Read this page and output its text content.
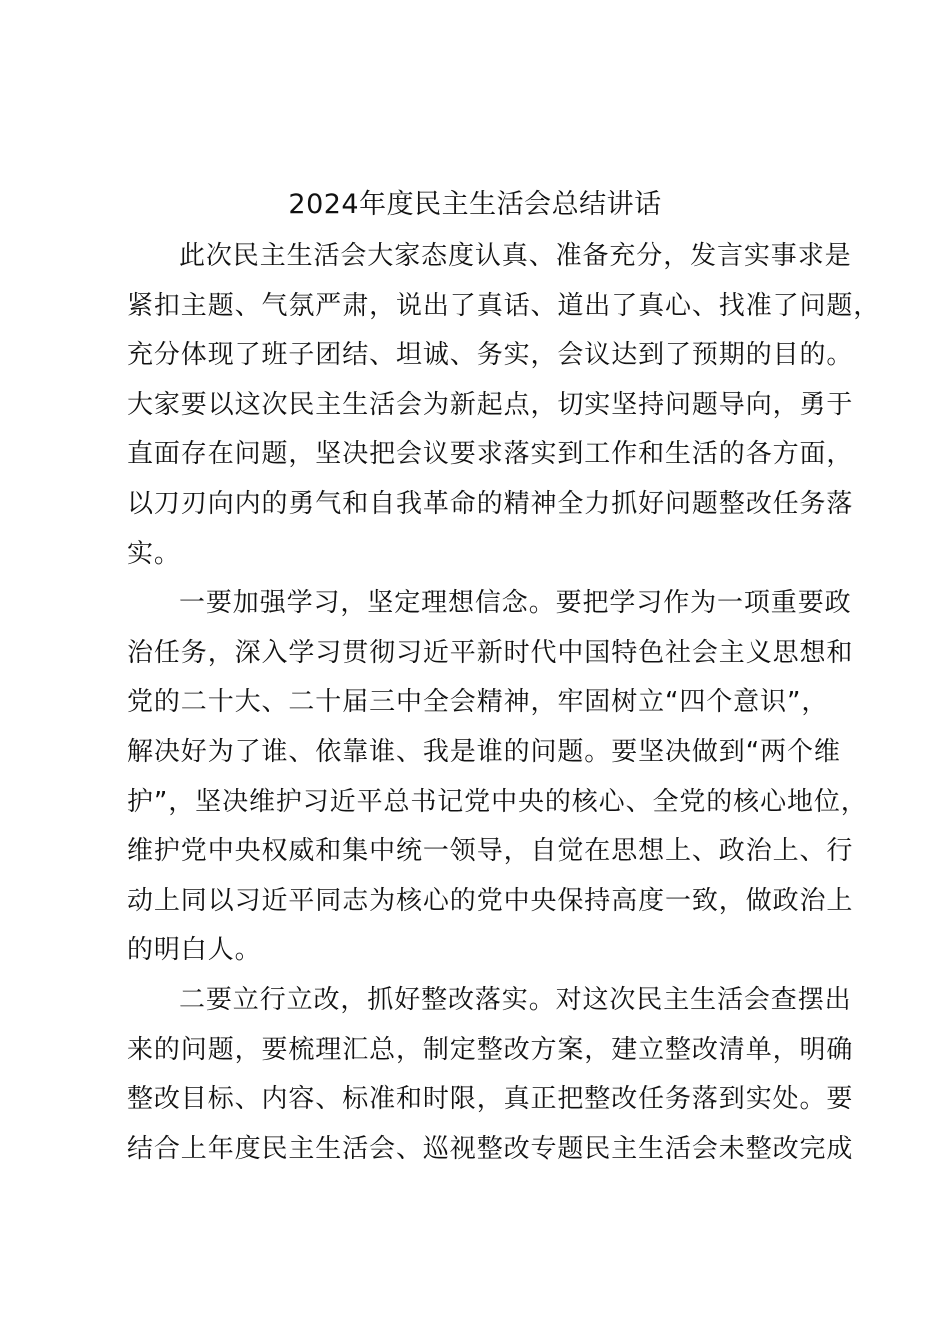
2024年度民主生活会总结讲话
此次民主生活会大家态度认真、准备充分，发言实事求是
紧扣主题、气氛严肃，说出了真话、道出了真心、找准了问题，
充分体现了班子团结、坦诚、务实，会议达到了预期的目的。
大家要以这次民主生活会为新起点，切实坚持问题导向，勇于
直面存在问题，坚决把会议要求落实到工作和生活的各方面，
以刀刃向内的勇气和自我革命的精神全力抓好问题整改任务落
实。
一要加强学习，坚定理想信念。要把学习作为一项重要政
治任务，深入学习贯彻习近平新时代中国特色社会主义思想和
党的二十大、二十届三中全会精神，牢固树立“四个意识”，
解决好为了谁、依靠谁、我是谁的问题。要坚决做到“两个维
护”，坚决维护习近平总书记党中央的核心、全党的核心地位，
维护党中央权威和集中统一领导，自觉在思想上、政治上、行
动上同以习近平同志为核心的党中央保持高度一致，做政治上
的明白人。
二要立行立改，抓好整改落实。对这次民主生活会查摆出
来的问题，要梳理汇总，制定整改方案，建立整改清单，明确
整改目标、内容、标准和时限，真正把整改任务落到实处。要
结合上年度民主生活会、巡视整改专题民主生活会未整改完成
